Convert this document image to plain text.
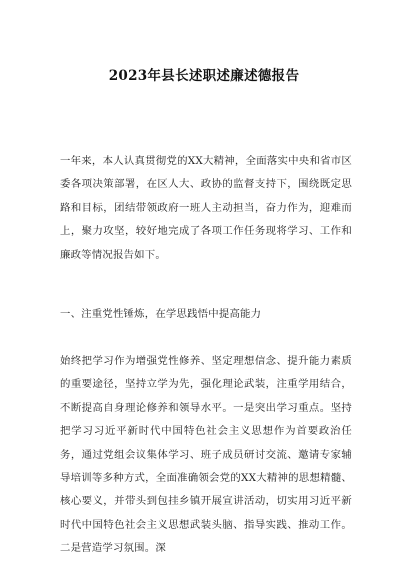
2023年县长述职述廉述德报告

一年来，本人认真贯彻党的XX大精神，全面落实中央和省市区委各项决策部署，在区人大、政协的监督支持下，围绕既定思路和目标，团结带领政府一班人主动担当，奋力作为，迎难而上，聚力攻坚，较好地完成了各项工作任务现将学习、工作和廉政等情况报告如下。

一、注重党性锤炼，在学思践悟中提高能力

始终把学习作为增强党性修养、坚定理想信念、提升能力素质的重要途径，坚持立学为先，强化理论武装，注重学用结合，不断提高自身理论修养和领导水平。一是突出学习重点。坚持把学习习近平新时代中国特色社会主义思想作为首要政治任务，通过党组会议集体学习、班子成员研讨交流、邀请专家辅导培训等多种方式，全面准确领会党的XX大精神的思想精髓、核心要义，并带头到包挂乡镇开展宣讲活动，切实用习近平新时代中国特色社会主义思想武装头脑、指导实践、推动工作。二是营造学习氛围。深
